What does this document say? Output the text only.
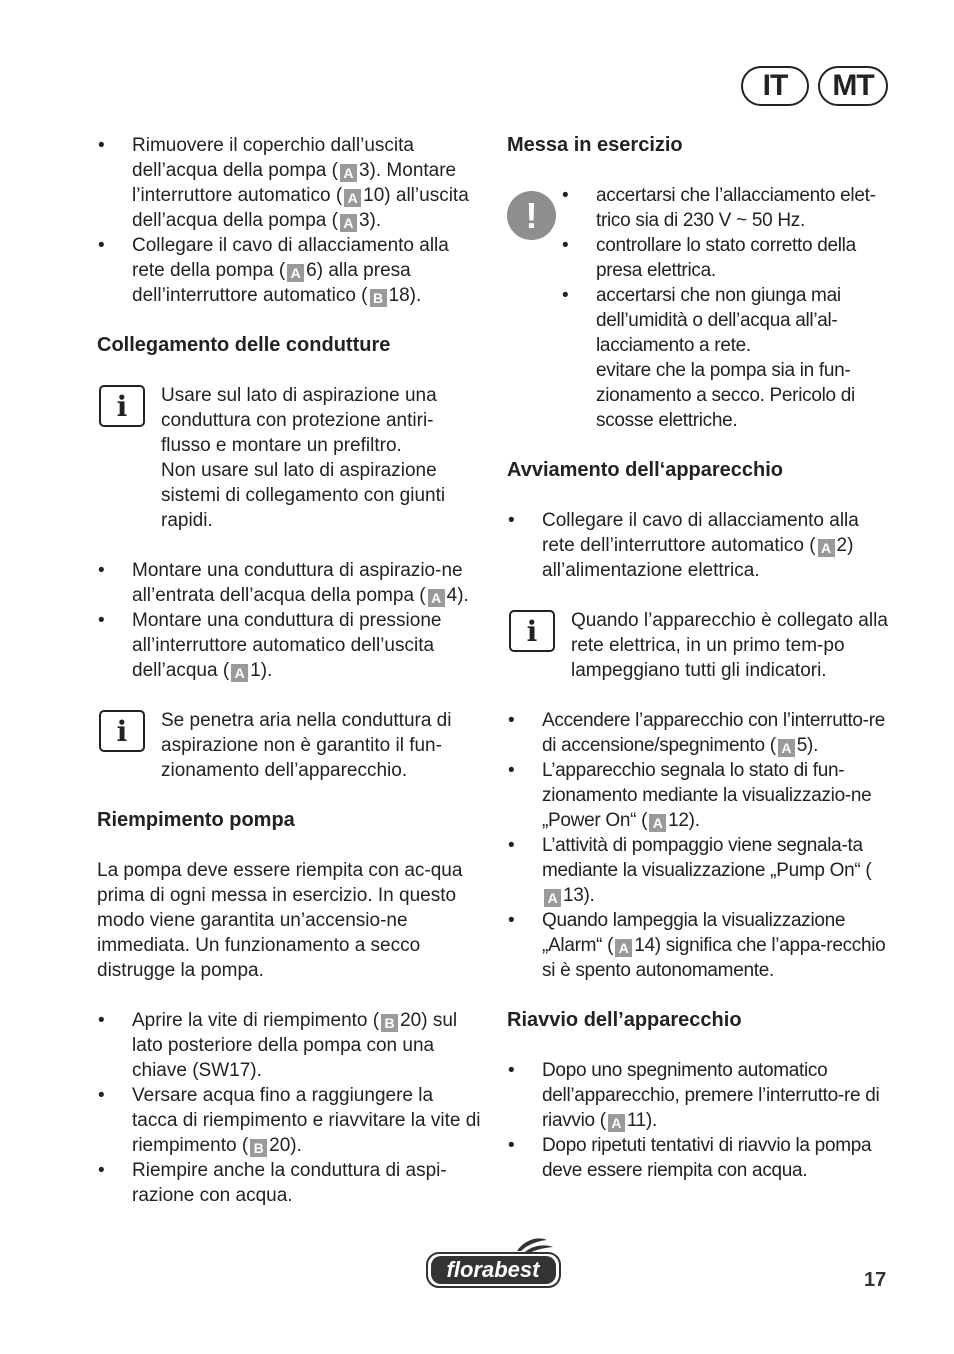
IT	MT
• Rimuovere il coperchio dall’uscita dell’acqua della pompa ( A 3). Montare l’interruttore automatico ( A 10) all’uscita dell’acqua della pompa ( A 3).
• Collegare il cavo di allacciamento alla rete della pompa ( A 6) alla presa dell’interruttore automatico ( B 18).
Collegamento delle condutture
i	Usare sul lato di aspirazione una conduttura con protezione antiri-flusso e montare un prefiltro.

Non usare sul lato di aspirazione sistemi di collegamento con giunti rapidi.

• Montare una conduttura di aspirazio-ne all’entrata dell’acqua della pompa ( A 4).
• Montare una conduttura di pressione all’interruttore automatico dell’uscita dell’acqua ( A 1).
i	Se penetra aria nella conduttura di aspirazione non è garantito il fun-zionamento dell’apparecchio.

Riempimento pompa

La pompa deve essere riempita con ac-qua prima di ogni messa in esercizio. In questo modo viene garantita un’accensio-ne immediata. Un funzionamento a secco distrugge la pompa.

• Aprire la vite di riempimento ( B 20) sul lato posteriore della pompa con una chiave (SW17).
• Versare acqua fino a raggiungere la tacca di riempimento e riavvitare la vite di riempimento ( B 20).
• Riempire anche la conduttura di aspi-razione con acqua.
Messa in esercizio
!
•	accertarsi che l’allacciamento elet-trico sia di 230 V ~ 50 Hz.
• controllare lo stato corretto della presa elettrica.
• accertarsi che non giunga mai dell’umidità o dell’acqua all’al-lacciamento a rete.

evitare che la pompa sia in fun-zionamento a secco. Pericolo di scosse elettriche.

Avviamento dell‘apparecchio
• Collegare il cavo di allacciamento alla rete dell’interruttore automatico ( A 2) all’alimentazione elettrica.
i	Quando l’apparecchio è collegato alla rete elettrica, in un primo tem-po lampeggiano tutti gli indicatori.

• Accendere l’apparecchio con l’interrutto-re di accensione/spegnimento ( A 5).
• L’apparecchio segnala lo stato di fun-zionamento mediante la visualizzazio-ne „Power On“ ( A 12).
• L’attività di pompaggio viene segnala-ta mediante la visualizzazione „Pump On“ (A 13).
• Quando lampeggia la visualizzazione „Alarm“ ( A 14) significa che l’appa-recchio si è spento autonomamente.
Riavvio dell’apparecchio
• Dopo uno spegnimento automatico dell’apparecchio, premere l’interrutto-re di riavvio ( A 11).
• Dopo ripetuti tentativi di riavvio la pompa deve essere riempita con acqua.
florabest	17
